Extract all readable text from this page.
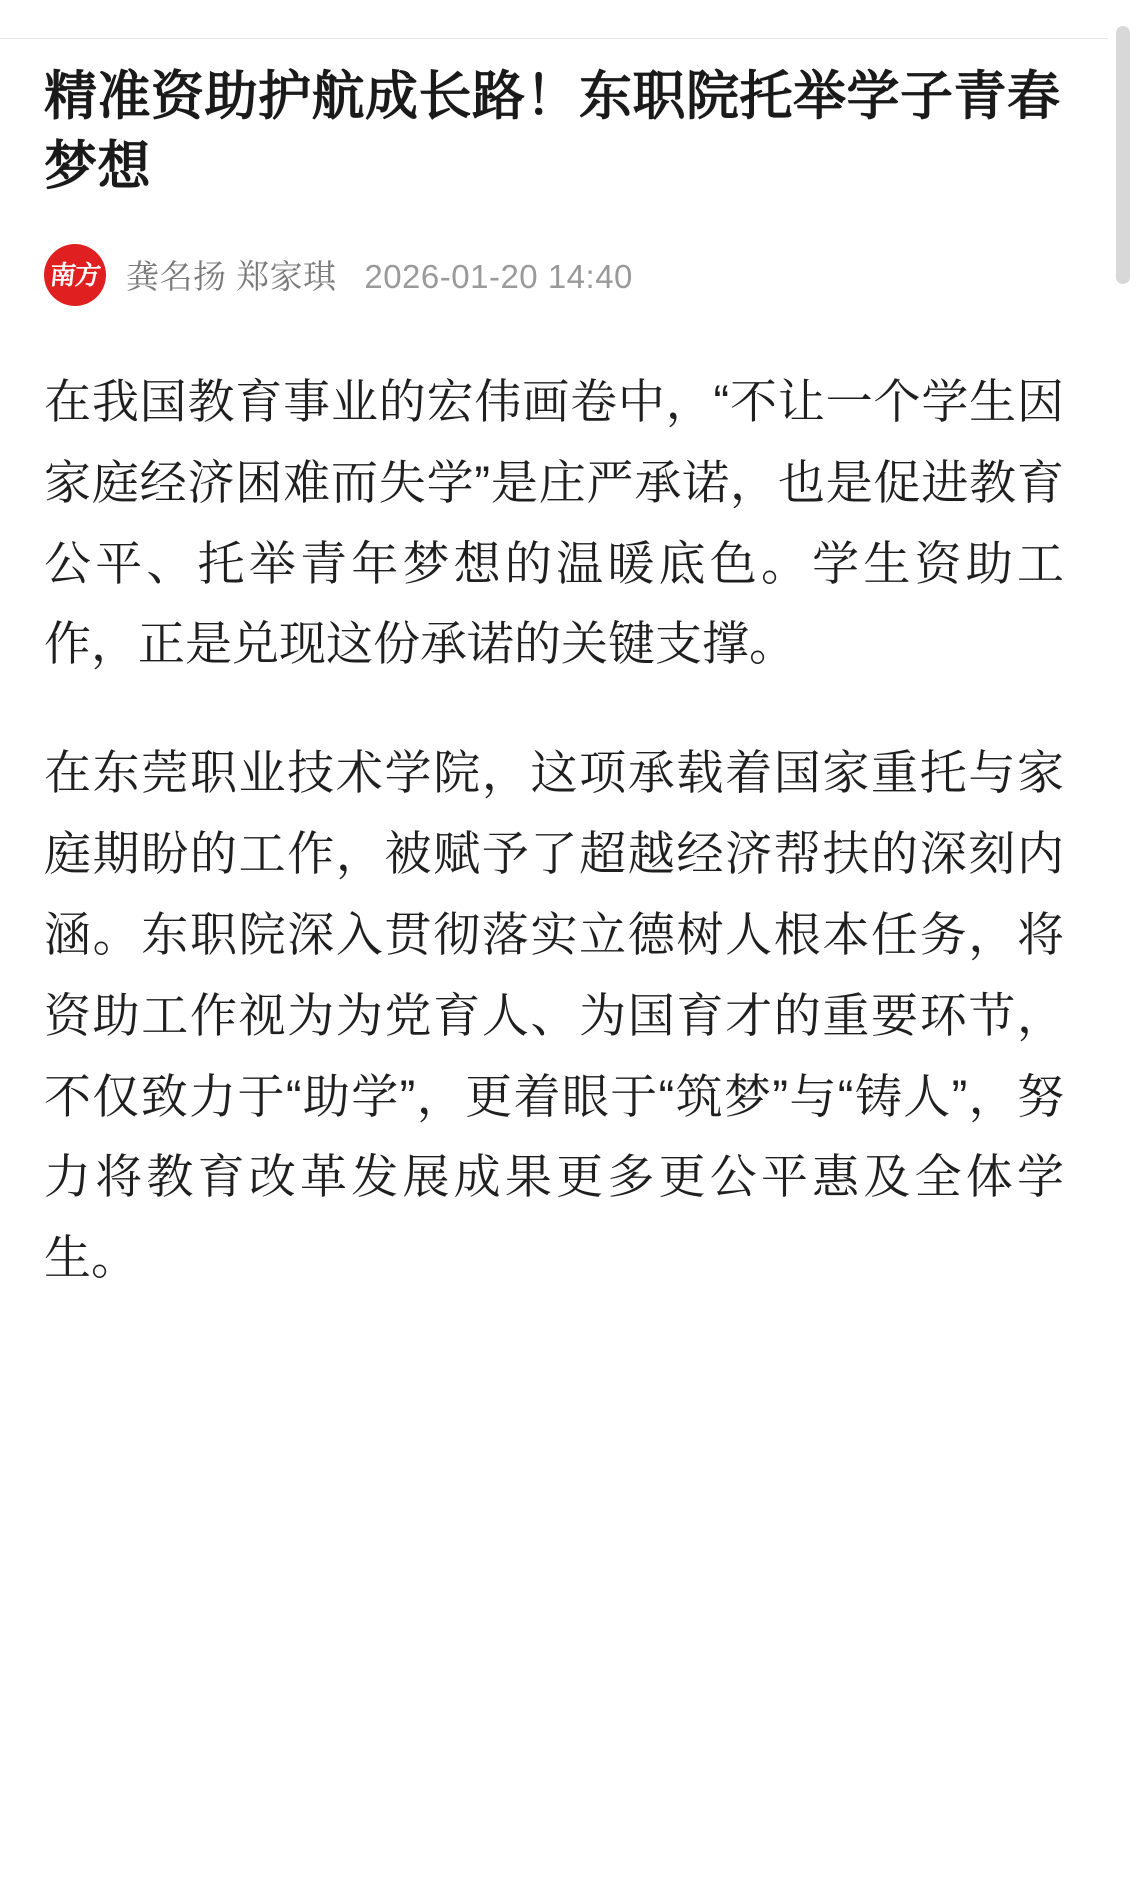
精准资助护航成长路！东职院托举学子青春梦想
南方 龚名扬 郑家琪 2026-01-20 14:40

在我国教育事业的宏伟画卷中，“不让一个学生因家庭经济困难而失学”是庄严承诺，也是促进教育公平、托举青年梦想的温暖底色。学生资助工作，正是兑现这份承诺的关键支撑。

在东莞职业技术学院，这项承载着国家重托与家庭期盼的工作，被赋予了超越经济帮扶的深刻内涵。东职院深入贯彻落实立德树人根本任务，将资助工作视为为党育人、为国育才的重要环节，不仅致力于“助学”，更着眼于“筑梦”与“铸人”，努力将教育改革发展成果更多更公平惠及全体学生。
